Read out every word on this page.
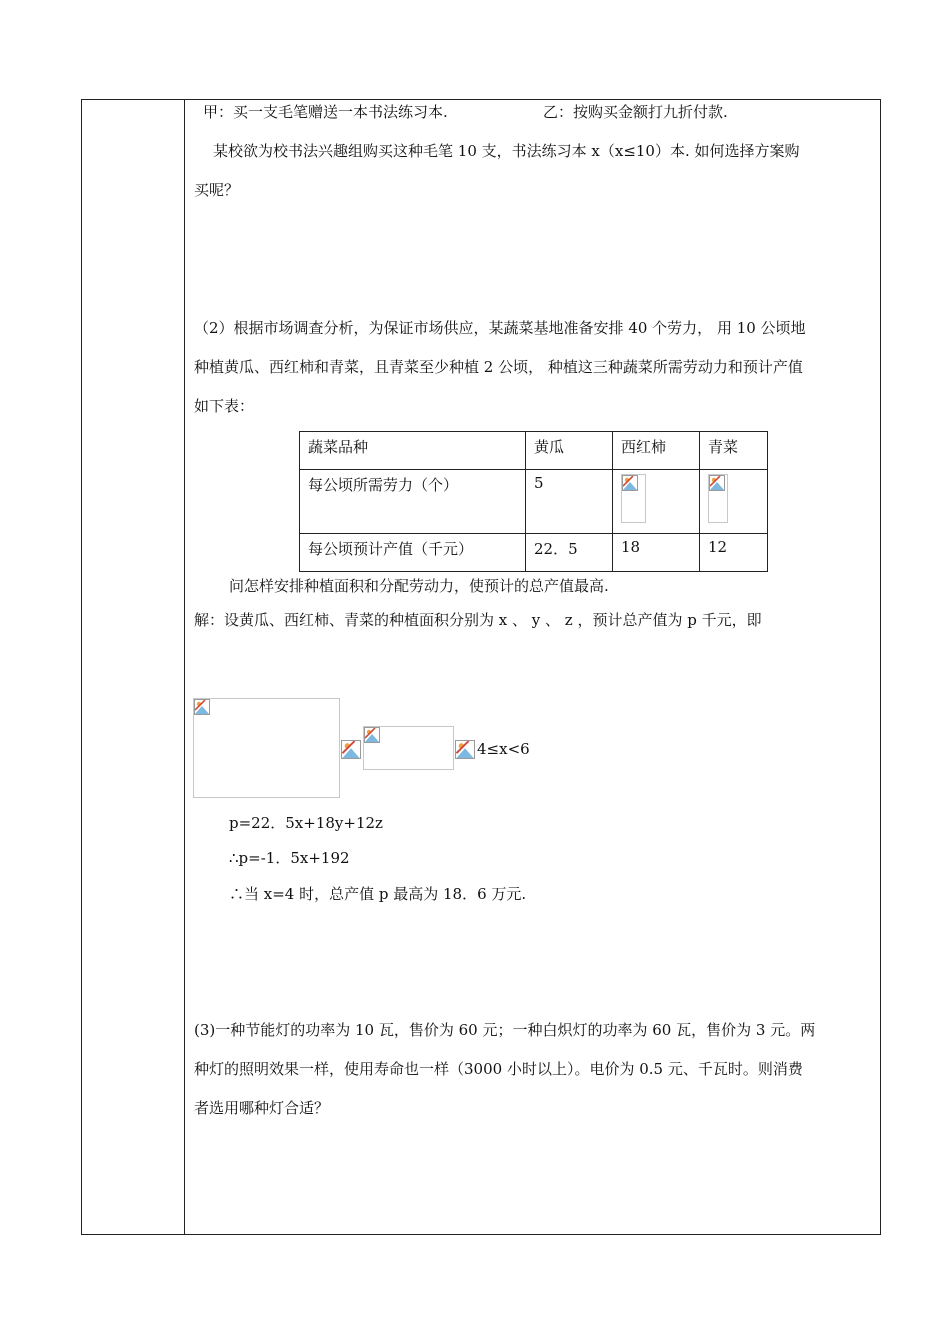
甲：买一支毛笔赠送一本书法练习本.	乙：按购买金额打九折付款.
某校欲为校书法兴趣组购买这种毛笔 10 支，书法练习本 x（x≤10）本. 如何选择方案购
买呢？
（2）根据市场调查分析，为保证市场供应，某蔬菜基地准备安排 40 个劳力， 用 10 公顷地
种植黄瓜、西红柿和青菜，且青菜至少种植 2 公顷， 种植这三种蔬菜所需劳动力和预计产值
如下表：
蔬菜品种	黄瓜	西红柿	青菜
每公顷所需劳力（个）	5	

每公顷预计产值（千元）	22．5	18	12
问怎样安排种植面积和分配劳动力，使预计的总产值最高.
解：设黄瓜、西红柿、青菜的种植面积分别为 x 、 y 、 z ，预计总产值为 p 千元，即
4≤x<6
p=22．5x+18y+12z
∴p=-1．5x+192
∴当 x=4 时，总产值 p 最高为 18．6 万元.
(3)一种节能灯的功率为 10 瓦，售价为 60 元；一种白炽灯的功率为 60 瓦，售价为 3 元。两
种灯的照明效果一样，使用寿命也一样（3000 小时以上）。电价为 0.5 元、千瓦时。则消费
者选用哪种灯合适？
